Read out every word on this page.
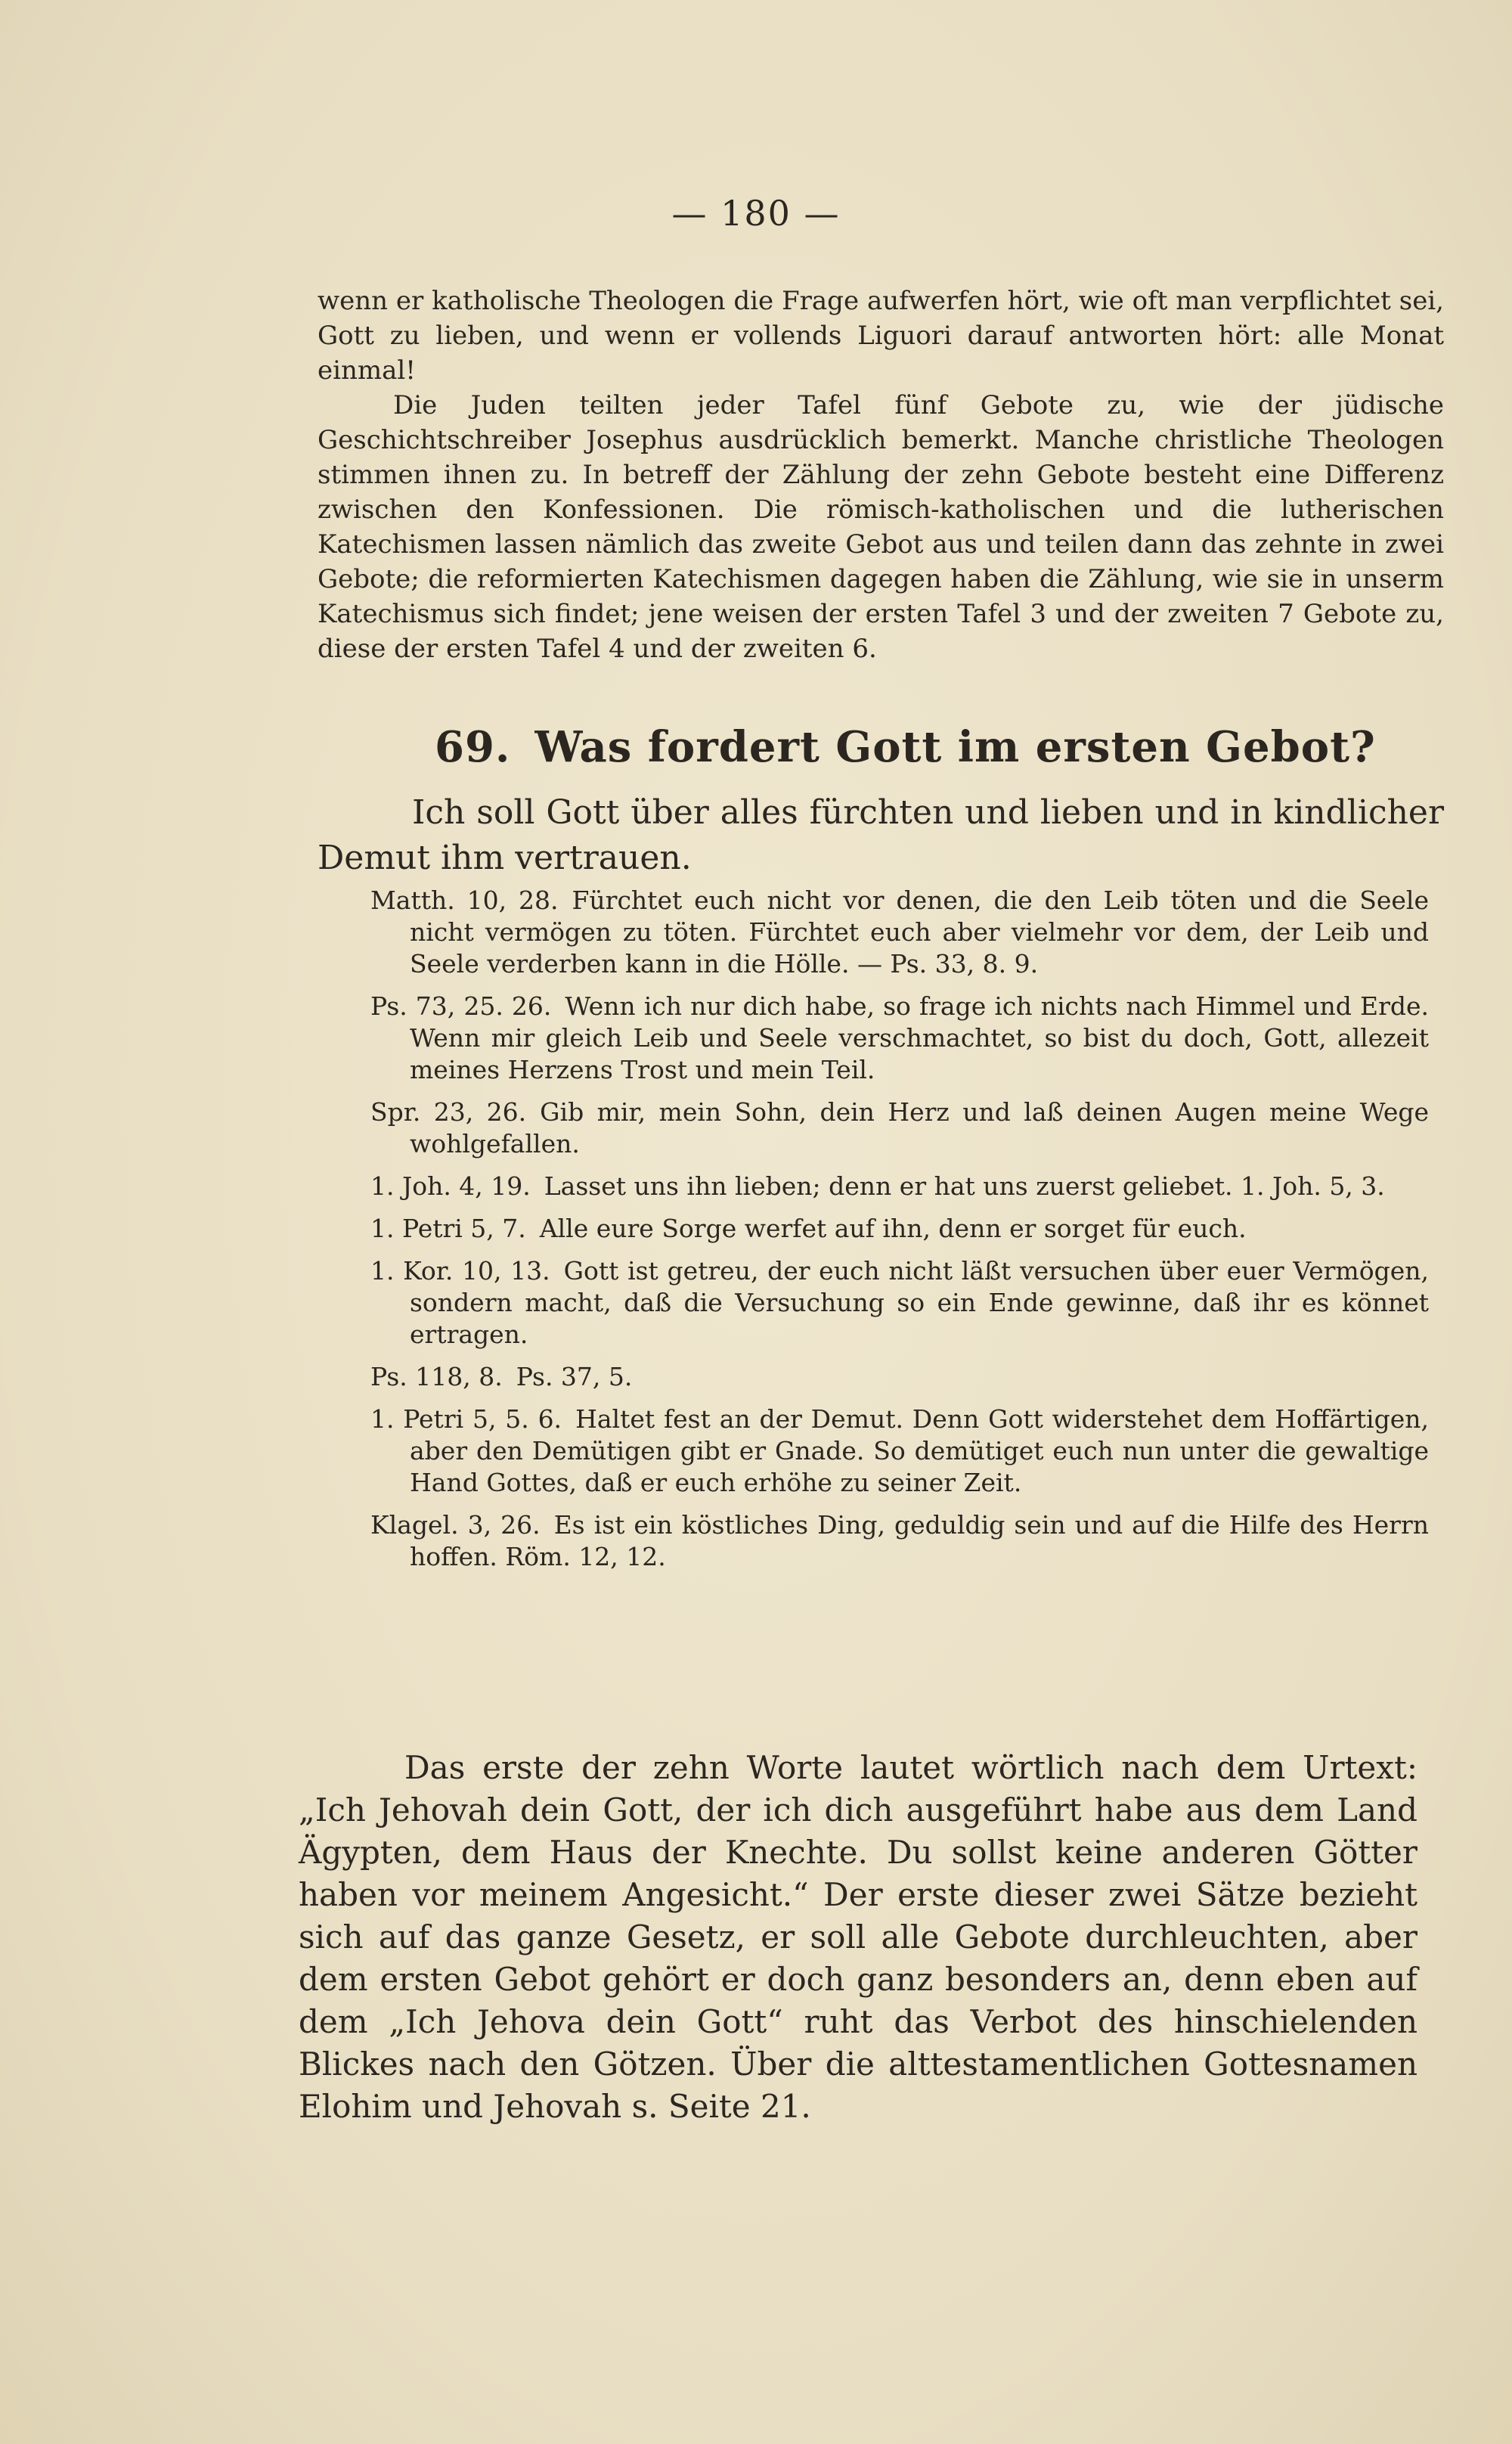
— 180 —

wenn er katholische Theologen die Frage aufwerfen hört, wie oft man verpflichtet sei, Gott zu lieben, und wenn er vollends Liguori darauf antworten hört: alle Monat einmal!

Die Juden teilten jeder Tafel fünf Gebote zu, wie der jüdische Geschichtschreiber Josephus ausdrücklich bemerkt. Manche christliche Theologen stimmen ihnen zu. In betreff der Zählung der zehn Gebote besteht eine Differenz zwischen den Konfessionen. Die römisch-katholischen und die lutherischen Katechismen lassen nämlich das zweite Gebot aus und teilen dann das zehnte in zwei Gebote; die reformierten Katechismen dagegen haben die Zählung, wie sie in unserm Katechismus sich findet; jene weisen der ersten Tafel 3 und der zweiten 7 Gebote zu, diese der ersten Tafel 4 und der zweiten 6.

69. Was fordert Gott im ersten Gebot?
Ich soll Gott über alles fürchten und lieben und in kindlicher Demut ihm vertrauen.

Matth. 10, 28. Fürchtet euch nicht vor denen, die den Leib töten und die Seele nicht vermögen zu töten. Fürchtet euch aber vielmehr vor dem, der Leib und Seele verderben kann in die Hölle. — Ps. 33, 8. 9.

Ps. 73, 25. 26. Wenn ich nur dich habe, so frage ich nichts nach Himmel und Erde. Wenn mir gleich Leib und Seele verschmachtet, so bist du doch, Gott, allezeit meines Herzens Trost und mein Teil.

Spr. 23, 26. Gib mir, mein Sohn, dein Herz und laß deinen Augen meine Wege wohlgefallen.

1. Joh. 4, 19. Lasset uns ihn lieben; denn er hat uns zuerst geliebet. 1. Joh. 5, 3.

1. Petri 5, 7. Alle eure Sorge werfet auf ihn, denn er sorget für euch.

1. Kor. 10, 13. Gott ist getreu, der euch nicht läßt versuchen über euer Vermögen, sondern macht, daß die Versuchung so ein Ende gewinne, daß ihr es könnet ertragen.

Ps. 118, 8. Ps. 37, 5.

1. Petri 5, 5. 6. Haltet fest an der Demut. Denn Gott widerstehet dem Hoffärtigen, aber den Demütigen gibt er Gnade. So demütiget euch nun unter die gewaltige Hand Gottes, daß er euch erhöhe zu seiner Zeit.

Klagel. 3, 26. Es ist ein köstliches Ding, geduldig sein und auf die Hilfe des Herrn hoffen. Röm. 12, 12.

Das erste der zehn Worte lautet wörtlich nach dem Urtext: „Ich Jehovah dein Gott, der ich dich ausgeführt habe aus dem Land Ägypten, dem Haus der Knechte. Du sollst keine anderen Götter haben vor meinem Angesicht.“ Der erste dieser zwei Sätze bezieht sich auf das ganze Gesetz, er soll alle Gebote durchleuchten, aber dem ersten Gebot gehört er doch ganz besonders an, denn eben auf dem „Ich Jehova dein Gott“ ruht das Verbot des hinschielenden Blickes nach den Götzen. Über die alttestamentlichen Gottesnamen Elohim und Jehovah s. Seite 21.
